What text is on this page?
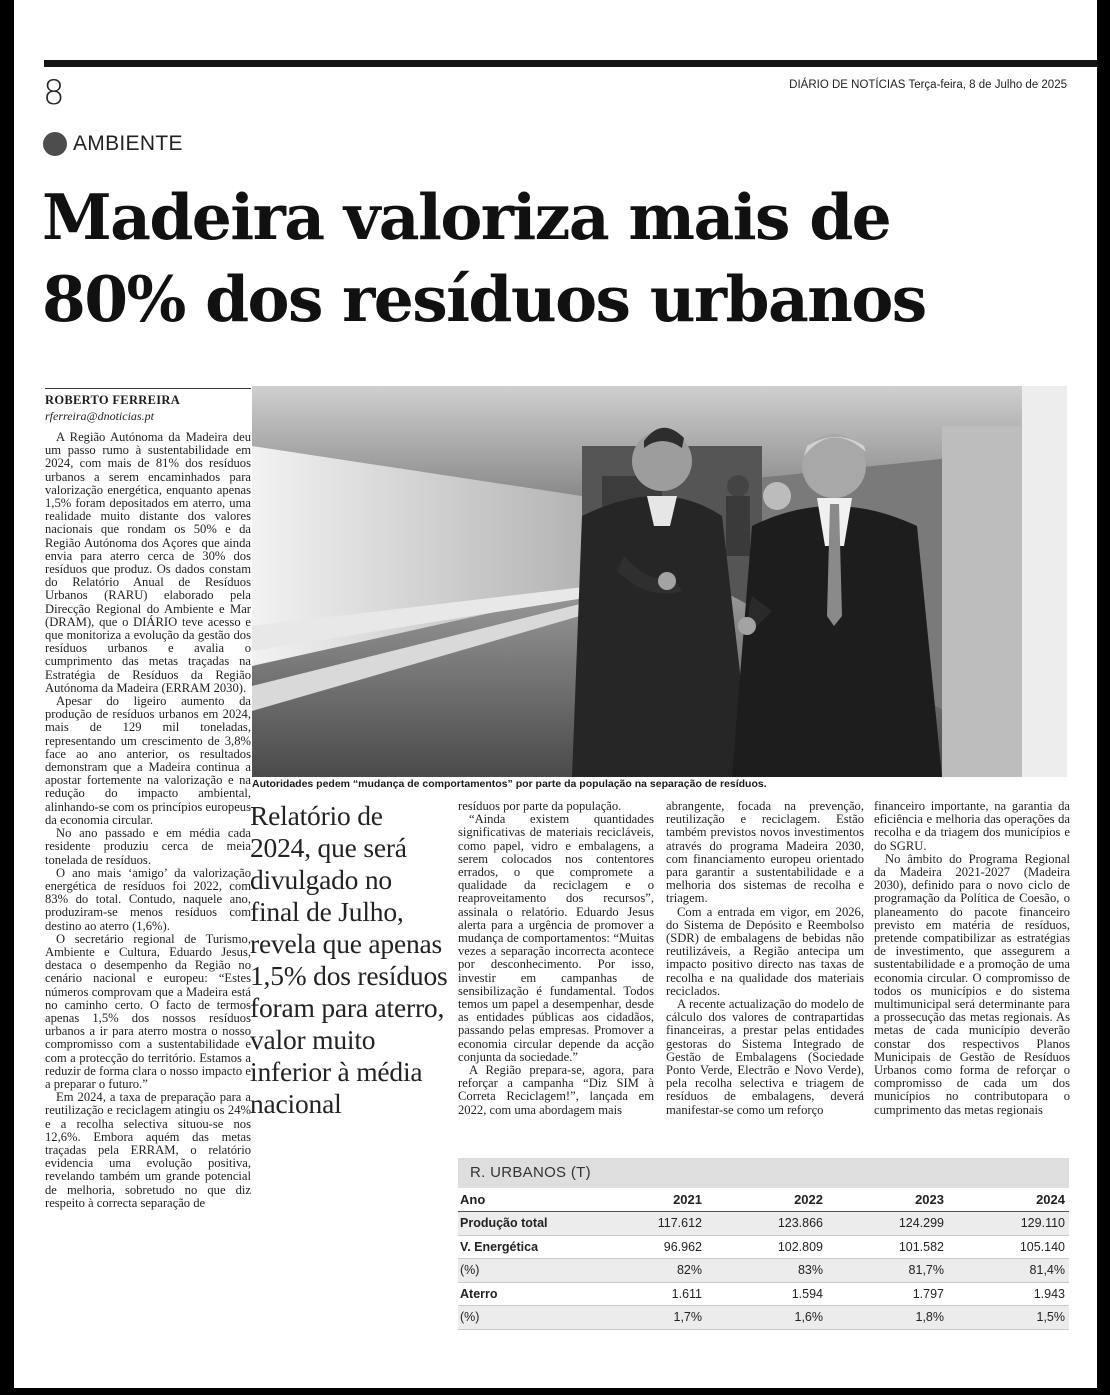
8	DIÁRIO DE NOTÍCIAS Terça-feira, 8 de Julho de 2025
AMBIENTE
Madeira valoriza mais de
80% dos resíduos urbanos
ROBERTO FERREIRA
rferreira@dnoticias.pt

A Região Autónoma da Madeira deu um passo rumo à sustentabilidade em 2024, com mais de 81% dos resíduos urbanos a serem encaminhados para valorização energética, enquanto apenas 1,5% foram depositados em aterro, uma realidade muito distante dos valores nacionais que rondam os 50% e da Região Autónoma dos Açores que ainda envia para aterro cerca de 30% dos resíduos que produz. Os dados constam do Relatório Anual de Resíduos Urbanos (RARU) elaborado pela Direcção Regional do Ambiente e Mar (DRAM), que o DIÁRIO teve acesso e que monitoriza a evolução da gestão dos resíduos urbanos e avalia o cumprimento das metas traçadas na Estratégia de Resíduos da Região Autónoma da Madeira (ERRAM 2030).

Apesar do ligeiro aumento da produção de resíduos urbanos em 2024, mais de 129 mil toneladas, representando um crescimento de 3,8% face ao ano anterior, os resultados demonstram que a Madeira continua a apostar fortemente na valorização e na redução do impacto ambiental, alinhando-se com os princípios europeus da economia circular.

No ano passado e em média cada residente produziu cerca de meia tonelada de resíduos.

O ano mais ‘amigo’ da valorização energética de resíduos foi 2022, com 83% do total. Contudo, naquele ano, produziram-se menos resíduos com destino ao aterro (1,6%).

O secretário regional de Turismo, Ambiente e Cultura, Eduardo Jesus, destaca o desempenho da Região no cenário nacional e europeu: “Estes números comprovam que a Madeira está no caminho certo. O facto de termos apenas 1,5% dos nossos resíduos urbanos a ir para aterro mostra o nosso compromisso com a sustentabilidade e com a protecção do território. Estamos a reduzir de forma clara o nosso impacto e a preparar o futuro.”

Em 2024, a taxa de preparação para a reutilização e reciclagem atingiu os 24% e a recolha selectiva situou-se nos 12,6%. Embora aquém das metas traçadas pela ERRAM, o relatório evidencia uma evolução positiva, revelando também um grande potencial de melhoria, sobretudo no que diz respeito à correcta separação de

Autoridades pedem “mudança de comportamentos” por parte da população na separação de resíduos.
Relatório de 2024, que será divulgado no final de Julho, revela que apenas 1,5% dos resíduos foram para aterro, valor muito inferior à média nacional

resíduos por parte da população.

“Ainda existem quantidades significativas de materiais recicláveis, como papel, vidro e embalagens, a serem colocados nos contentores errados, o que compromete a qualidade da reciclagem e o reaproveitamento dos recursos”, assinala o relatório. Eduardo Jesus alerta para a urgência de promover a mudança de comportamentos: “Muitas vezes a separação incorrecta acontece por desconhecimento. Por isso, investir em campanhas de sensibilização é fundamental. Todos temos um papel a desempenhar, desde as entidades públicas aos cidadãos, passando pelas empresas. Promover a economia circular depende da acção conjunta da sociedade.”

A Região prepara-se, agora, para reforçar a campanha “Diz SIM à Correta Reciclagem!”, lançada em 2022, com uma abordagem mais

abrangente, focada na prevenção, reutilização e reciclagem. Estão também previstos novos investimentos através do programa Madeira 2030, com financiamento europeu orientado para garantir a sustentabilidade e a melhoria dos sistemas de recolha e triagem.

Com a entrada em vigor, em 2026, do Sistema de Depósito e Reembolso (SDR) de embalagens de bebidas não reutilizáveis, a Região antecipa um impacto positivo directo nas taxas de recolha e na qualidade dos materiais reciclados.

A recente actualização do modelo de cálculo dos valores de contrapartidas financeiras, a prestar pelas entidades gestoras do Sistema Integrado de Gestão de Embalagens (Sociedade Ponto Verde, Electrão e Novo Verde), pela recolha selectiva e triagem de resíduos de embalagens, deverá manifestar-se como um reforço

financeiro importante, na garantia da eficiência e melhoria das operações da recolha e da triagem dos municípios e do SGRU.

No âmbito do Programa Regional da Madeira 2021-2027 (Madeira 2030), definido para o novo ciclo de programação da Política de Coesão, o planeamento do pacote financeiro previsto em matéria de resíduos, pretende compatibilizar as estratégias de investimento, que assegurem a sustentabilidade e a promoção de uma economia circular. O compromisso de todos os municípios e do sistema multimunicipal será determinante para a prossecução das metas regionais. As metas de cada município deverão constar dos respectivos Planos Municipais de Gestão de Resíduos Urbanos como forma de reforçar o compromisso de cada um dos municípios no contributopara o cumprimento das metas regionais

R. URBANOS (T)
Ano	2021	2022	2023	2024
Produção total	117.612	123.866	124.299	129.110
V. Energética	96.962	102.809	101.582	105.140
(%)	82%	83%	81,7%	81,4%
Aterro	1.611	1.594	1.797	1.943
(%)	1,7%	1,6%	1,8%	1,5%
